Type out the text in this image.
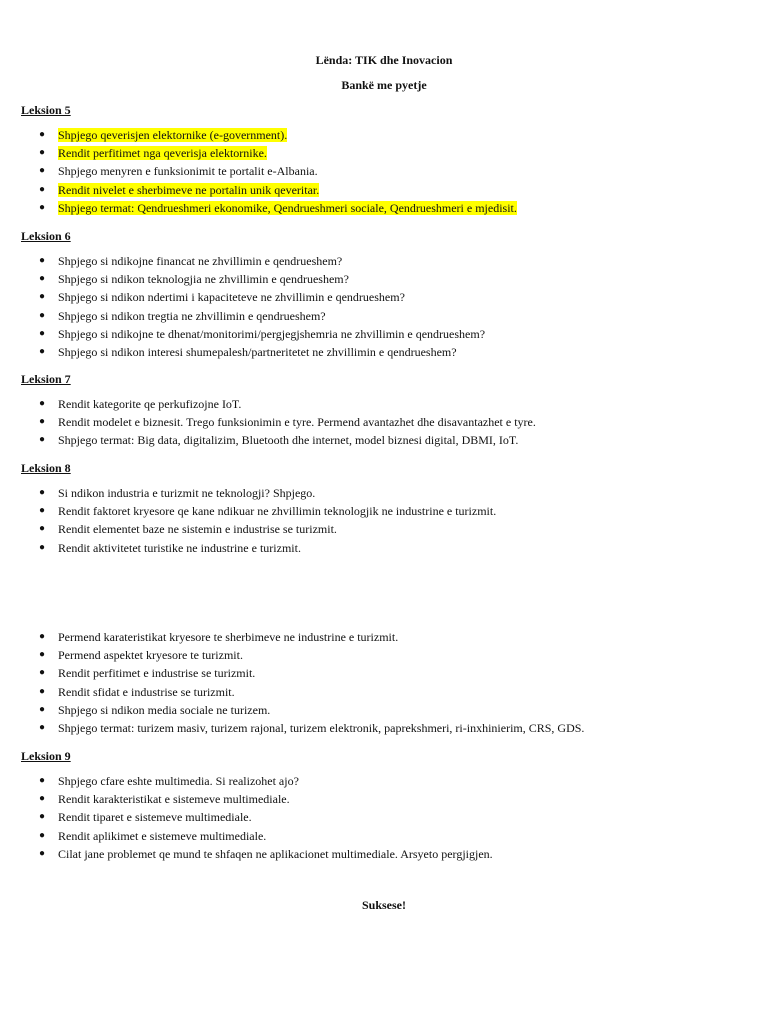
Lënda: TIK dhe Inovacion
Bankë me pyetje

Leksion 5

● Shpjego qeverisjen elektornike (e-government).
● Rendit perfitimet nga qeverisja elektornike.
● Shpjego menyren e funksionimit te portalit e-Albania.
● Rendit nivelet e sherbimeve ne portalin unik qeveritar.
● Shpjego termat: Qendrueshmeri ekonomike, Qendrueshmeri sociale, Qendrueshmeri e mjedisit.

Leksion 6

● Shpjego si ndikojne financat ne zhvillimin e qendrueshem?
● Shpjego si ndikon teknologjia ne zhvillimin e qendrueshem?
● Shpjego si ndikon ndertimi i kapaciteteve ne zhvillimin e qendrueshem?
● Shpjego si ndikon tregtia ne zhvillimin e qendrueshem?
● Shpjego si ndikojne te dhenat/monitorimi/pergjegjshemria ne zhvillimin e qendrueshem?
● Shpjego si ndikon interesi shumepalesh/partneritetet ne zhvillimin e qendrueshem?

Leksion 7

● Rendit kategorite qe perkufizojne IoT.
● Rendit modelet e biznesit. Trego funksionimin e tyre. Permend avantazhet dhe disavantazhet e tyre.
● Shpjego termat: Big data, digitalizim, Bluetooth dhe internet, model biznesi digital, DBMI, IoT.

Leksion 8

● Si ndikon industria e turizmit ne teknologji? Shpjego.
● Rendit faktoret kryesore qe kane ndikuar ne zhvillimin teknologjik ne industrine e turizmit.
● Rendit elementet baze ne sistemin e industrise se turizmit.
● Rendit aktivitetet turistike ne industrine e turizmit.
● Permend karateristikat kryesore te sherbimeve ne industrine e turizmit.
● Permend aspektet kryesore te turizmit.
● Rendit perfitimet e industrise se turizmit.
● Rendit sfidat e industrise se turizmit.
● Shpjego si ndikon media sociale ne turizem.
● Shpjego termat: turizem masiv, turizem rajonal, turizem elektronik, paprekshmeri, ri-inxhinierim, CRS, GDS.

Leksion 9

● Shpjego cfare eshte multimedia. Si realizohet ajo?
● Rendit karakteristikat e sistemeve multimediale.
● Rendit tiparet e sistemeve multimediale.
● Rendit aplikimet e sistemeve multimediale.
● Cilat jane problemet qe mund te shfaqen ne aplikacionet multimediale. Arsyeto pergjigjen.
Suksese!
